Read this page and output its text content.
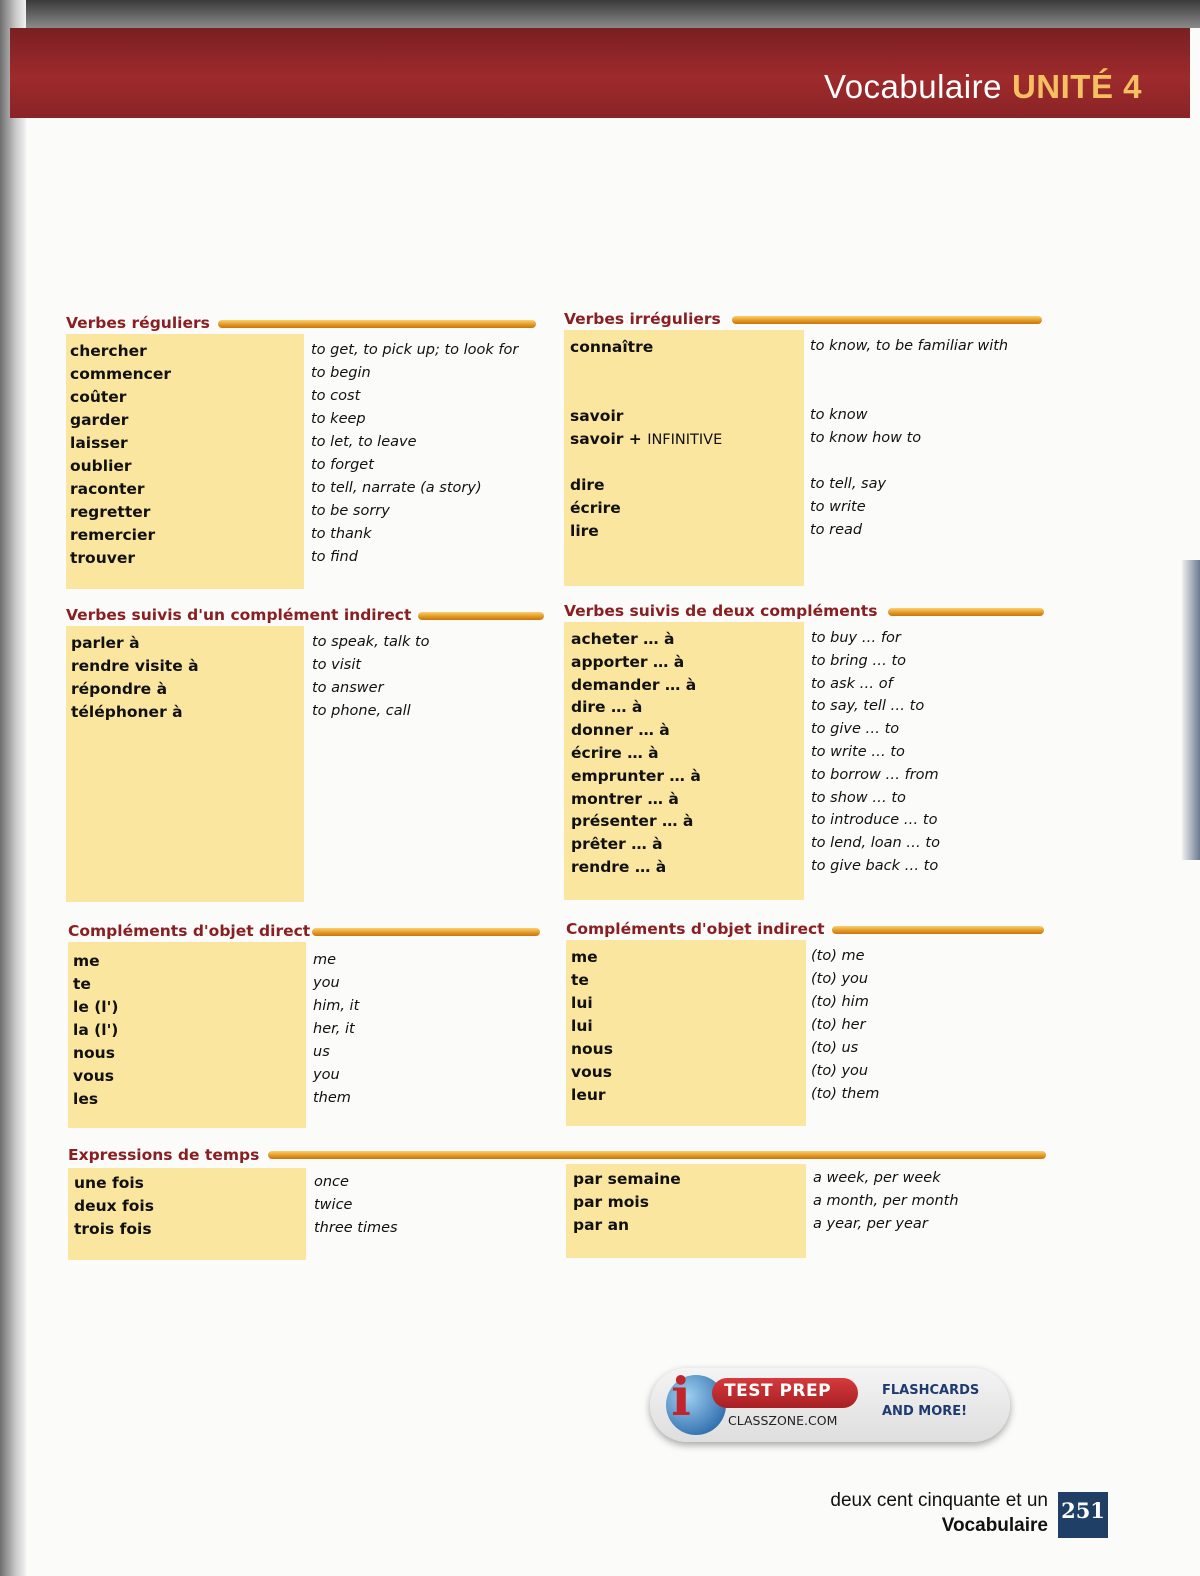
Vocabulaire UNITÉ 4
Verbes réguliers
chercher	to get, to pick up; to look for
commencer	to begin
coûter	to cost
garder	to keep
laisser	to let, to leave
oublier	to forget
raconter	to tell, narrate (a story)
regretter	to be sorry
remercier	to thank
trouver	to find
Verbes irréguliers
connaître	to know, to be familiar with
savoir	to know
savoir + INFINITIVE	to know how to
dire	to tell, say
écrire	to write
lire	to read
Verbes suivis d'un complément indirect
parler à	to speak, talk to
rendre visite à	to visit
répondre à	to answer
téléphoner à	to phone, call
Verbes suivis de deux compléments
acheter … à	to buy … for
apporter … à	to bring … to
demander … à	to ask … of
dire … à	to say, tell … to
donner … à	to give … to
écrire … à	to write … to
emprunter … à	to borrow … from
montrer … à	to show … to
présenter … à	to introduce … to
prêter … à	to lend, loan … to
rendre … à	to give back … to
Compléments d'objet direct
me	me
te	you
le (l')	him, it
la (l')	her, it
nous	us
vous	you
les	them
Compléments d'objet indirect
me	(to) me
te	(to) you
lui	(to) him
lui	(to) her
nous	(to) us
vous	(to) you
leur	(to) them
Expressions de temps
une fois	once
deux fois	twice
trois fois	three times
par semaine	a week, per week
par mois	a month, per month
par an	a year, per year
i TEST PREP
CLASSZONE.COM
FLASHCARDS
AND MORE!
deux cent cinquante et un
Vocabulaire
251
